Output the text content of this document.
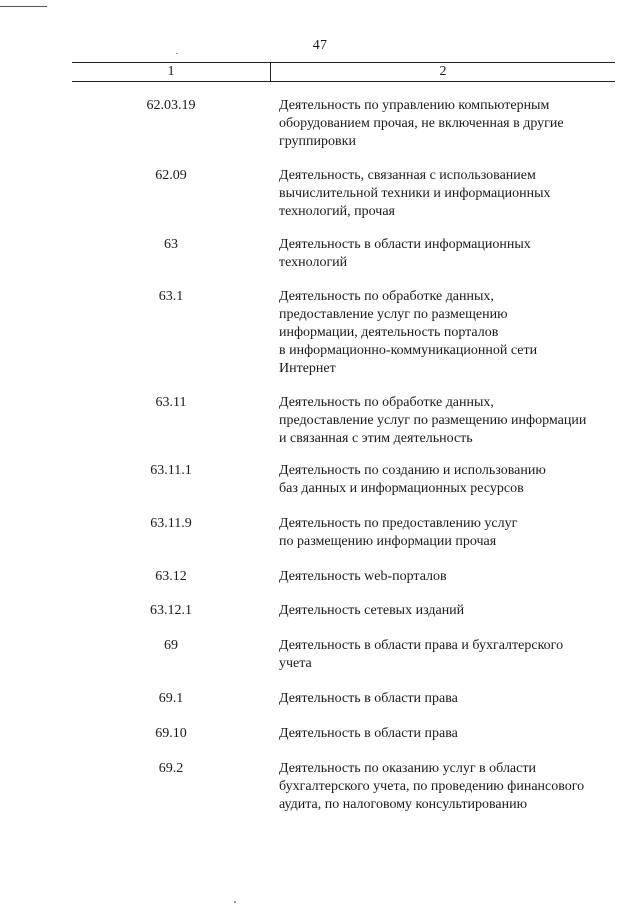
47
1	2
62.03.19	Деятельность по управлению компьютерным
оборудованием прочая, не включенная в другие
группировки
62.09	Деятельность, связанная с использованием
вычислительной техники и информационных
технологий, прочая
63	Деятельность в области информационных
технологий
63.1	Деятельность по обработке данных,
предоставление услуг по размещению
информации, деятельность порталов
в информационно-коммуникационной сети
Интернет
63.11	Деятельность по обработке данных,
предоставление услуг по размещению информации
и связанная с этим деятельность
63.11.1	Деятельность по созданию и использованию
баз данных и информационных ресурсов
63.11.9	Деятельность по предоставлению услуг
по размещению информации прочая
63.12	Деятельность web-порталов
63.12.1	Деятельность сетевых изданий
69	Деятельность в области права и бухгалтерского
учета
69.1	Деятельность в области права
69.10	Деятельность в области права
69.2	Деятельность по оказанию услуг в области
бухгалтерского учета, по проведению финансового
аудита, по налоговому консультированию
